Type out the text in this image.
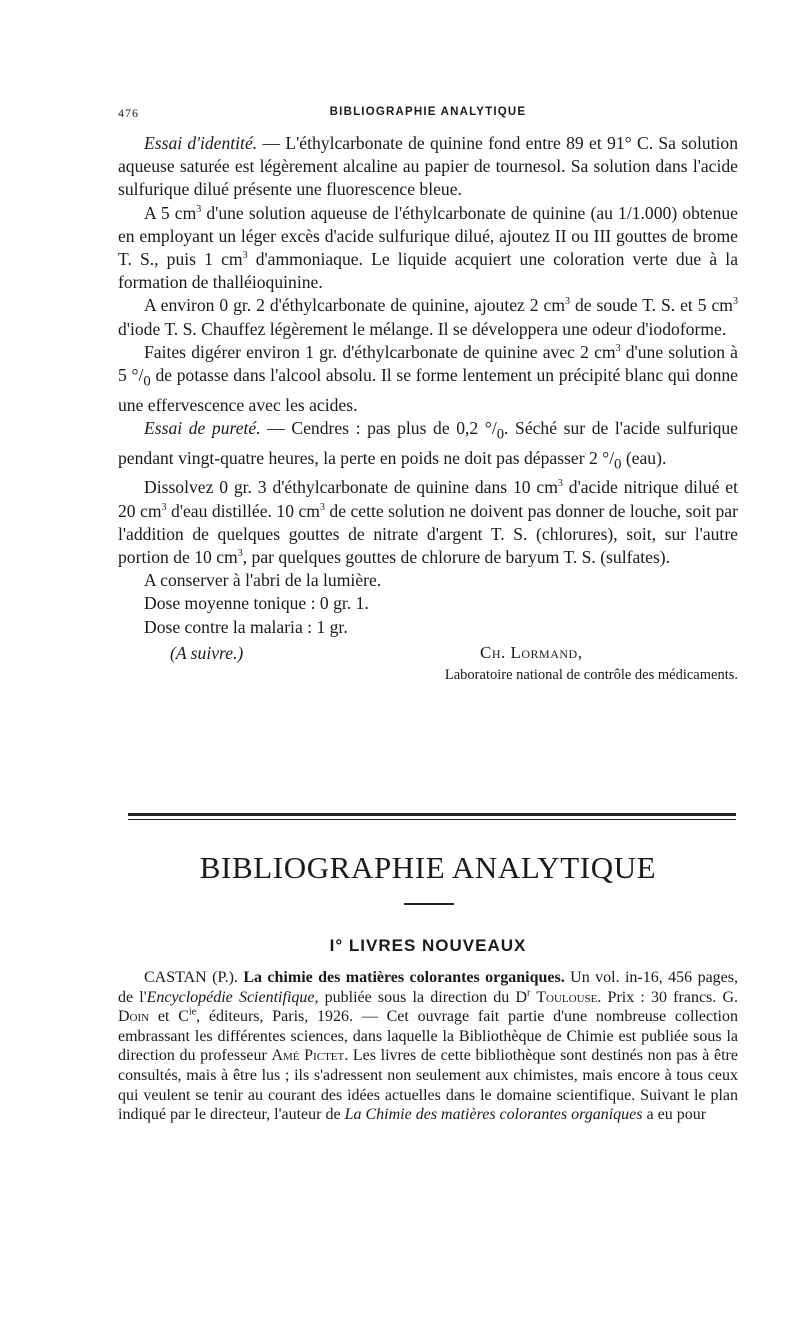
476	BIBLIOGRAPHIE ANALYTIQUE

Essai d'identité. — L'éthylcarbonate de quinine fond entre 89 et 91° C. Sa solution aqueuse saturée est légèrement alcaline au papier de tournesol. Sa solution dans l'acide sulfurique dilué présente une fluorescence bleue.

A 5 $cm^3$ d'une solution aqueuse de l'éthylcarbonate de quinine (au 1/1.000) obtenue en employant un léger excès d'acide sulfurique dilué, ajoutez II ou III gouttes de brome T. S., puis 1 $cm^3$ d'ammoniaque. Le liquide acquiert une coloration verte due à la formation de thalléioquinine.

A environ 0 gr. 2 d'éthylcarbonate de quinine, ajoutez 2 $cm^3$ de soude T. S. et 5 $cm^3$ d'iode T. S. Chauffez légèrement le mélange. Il se développera une odeur d'iodoforme.

Faites digérer environ 1 gr. d'éthylcarbonate de quinine avec 2 $cm^3$ d'une solution à 5 $^\circ/_0$ de potasse dans l'alcool absolu. Il se forme lentement un précipité blanc qui donne une effervescence avec les acides.

Essai de pureté. — Cendres : pas plus de 0,2 $^\circ/_0$. Séché sur de l'acide sulfurique pendant vingt-quatre heures, la perte en poids ne doit pas dépasser 2 $^\circ/_0$ (eau).

Dissolvez 0 gr. 3 d'éthylcarbonate de quinine dans 10 $cm^3$ d'acide nitrique dilué et 20 $cm^3$ d'eau distillée. 10 $cm^3$ de cette solution ne doivent pas donner de louche, soit par l'addition de quelques gouttes de nitrate d'argent T. S. (chlorures), soit, sur l'autre portion de 10 $cm^3$, par quelques gouttes de chlorure de baryum T. S. (sulfates).

A conserver à l'abri de la lumière.

Dose moyenne tonique : 0 gr. 1.

Dose contre la malaria : 1 gr.

(A suivre.)	Ch. Lormand,
Laboratoire national de contrôle des médicaments.
BIBLIOGRAPHIE ANALYTIQUE
I° LIVRES NOUVEAUX

CASTAN (P.). La chimie des matières colorantes organiques. Un vol. in-16, 456 pages, de l'Encyclopédie Scientifique, publiée sous la direction du $D^r$ Toulouse. Prix : 30 francs. G. Doin et $C^{ie}$, éditeurs, Paris, 1926. — Cet ouvrage fait partie d'une nombreuse collection embrassant les différentes sciences, dans laquelle la Bibliothèque de Chimie est publiée sous la direction du professeur Amé Pictet. Les livres de cette bibliothèque sont destinés non pas à être consultés, mais à être lus ; ils s'adressent non seulement aux chimistes, mais encore à tous ceux qui veulent se tenir au courant des idées actuelles dans le domaine scientifique. Suivant le plan indiqué par le directeur, l'auteur de La Chimie des matières colorantes organiques a eu pour
